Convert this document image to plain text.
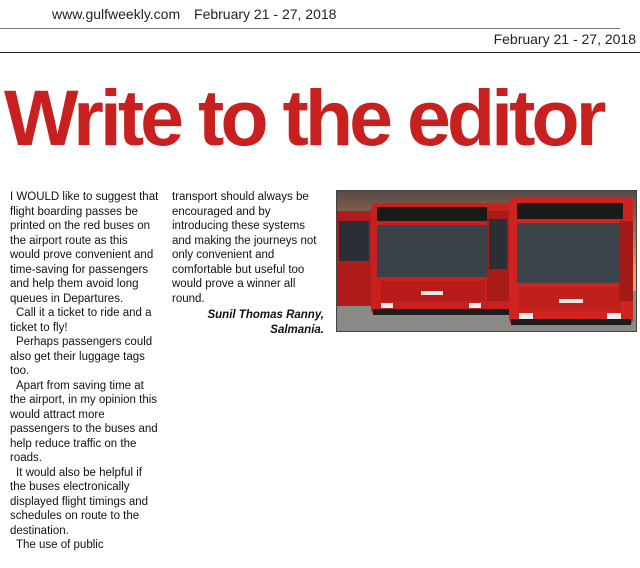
www.gulfweekly.com February 21 - 27, 2018
February 21 - 27, 2018
Write to the editor

I WOULD like to suggest that flight boarding passes be printed on the red buses on the airport route as this would prove convenient and time-saving for passengers and help them avoid long queues in Departures.

Call it a ticket to ride and a ticket to fly!

Perhaps passengers could also get their luggage tags too.

Apart from saving time at the airport, in my opinion this would attract more passengers to the buses and help reduce traffic on the roads.

It would also be helpful if the buses electronically displayed flight timings and schedules on route to the destination.

The use of public

transport should always be encouraged and by introducing these systems and making the journeys not only convenient and comfortable but useful too would prove a winner all round.

Sunil Thomas Ranny,

Salmania.
